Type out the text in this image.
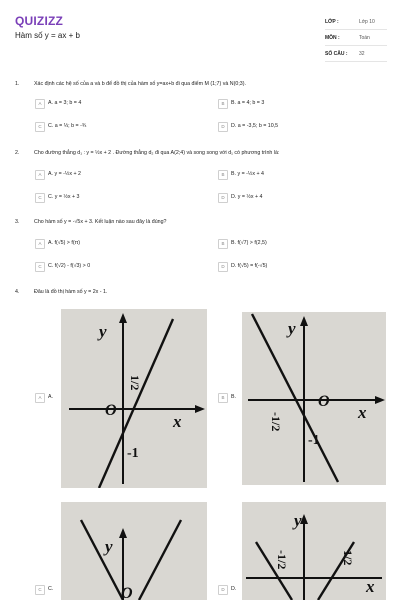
QUIZIZZ
Hàm số y = ax + b
LỚP :	Lớp 10
MÔN :	Toán
SỐ CÂU :	32
1.	Xác định các hệ số của a và b để đồ thị của hàm số y=ax+b đi qua điểm M (1;7) và N(0;3).
A	A. a = 3; b = 4	B	B. a = 4; b = 3
C	C. a = ⅓; b = -¾	D	D. a = -3,5; b = 10,5
2.	Cho đường thẳng d₁ : y = ½x + 2 . Đường thẳng d₂ đi qua A(2;4) và song song với d₁ có phương trình là:
A	A. y = -½x + 2	B	B. y = -½x + 4
C	C. y = ½x + 3	D	D. y = ½x + 4
3.	Cho hàm số y = -√5x + 3. Kết luận nào sau đây là đúng?
A	A. f(√5) > f(π)	B	B. f(√7) > f(2,5)
C	C. f(√2) - f(√3) > 0	D	D. f(√5) = f(-√5)
4.	Đâu là đồ thị hàm số y = 2x - 1.
A	A.	B	B.
C	C.	D	D.
y
x
O
1/2
-1
y
x
O
-1/2
-1
y
O
y
x
-1/2	1/2
